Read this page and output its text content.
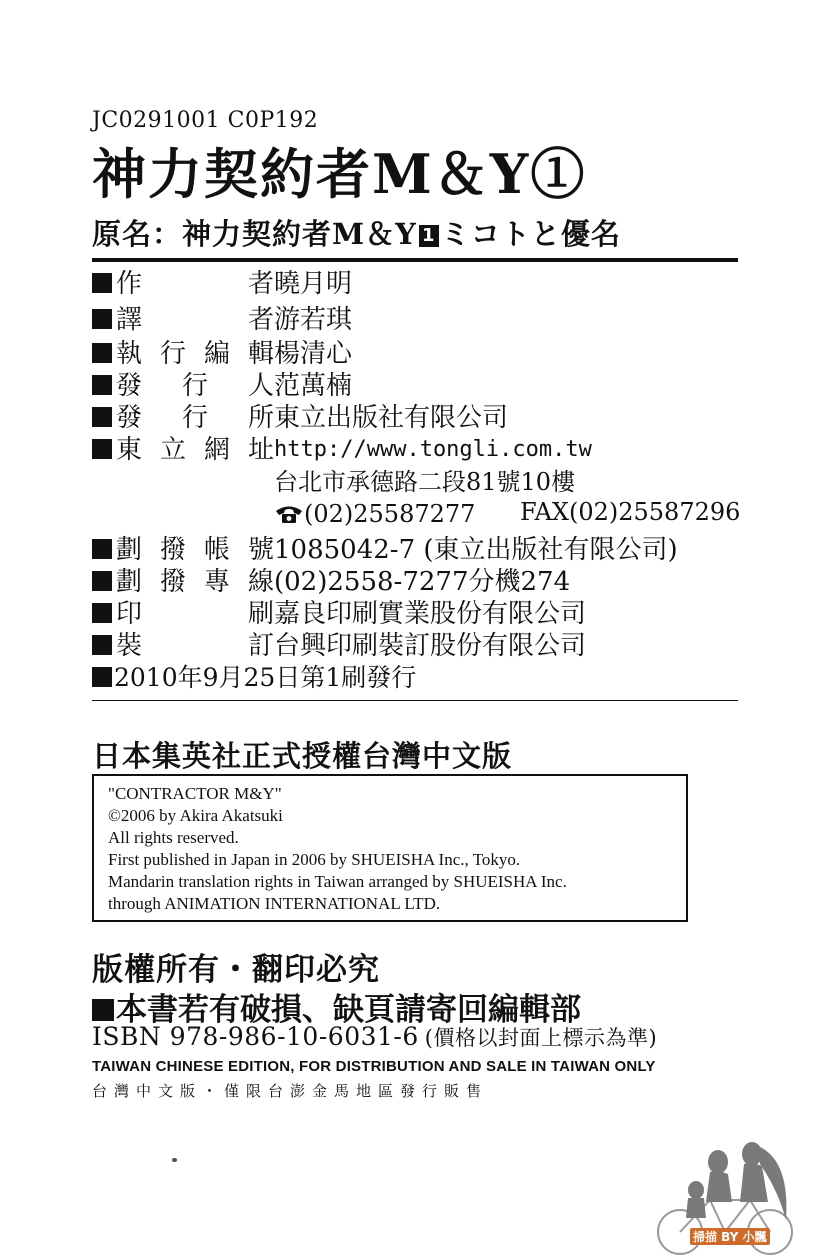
JC0291001 C0P192
神力契約者M＆Y①
原名：神力契約者M＆Y 1 ミコトと優名
作　　者 曉月明
譯　　者 游若琪
執行編輯 楊清心
發 行 人 范萬楠
發 行 所 東立出版社有限公司
東立網址 http://www.tongli.com.tw
台北市承德路二段81號10樓
(02)25587277 FAX(02)25587296
劃撥帳號 1085042-7 (東立出版社有限公司)
劃撥專線 (02)2558-7277分機274
印　　刷 嘉良印刷實業股份有限公司
裝　　訂 台興印刷裝訂股份有限公司
2010年9月25日第1刷發行
日本集英社正式授權台灣中文版
"CONTRACTOR M&Y"
©2006 by Akira Akatsuki
All rights reserved.
First published in Japan in 2006 by SHUEISHA Inc., Tokyo.
Mandarin translation rights in Taiwan arranged by SHUEISHA Inc.
through ANIMATION INTERNATIONAL LTD.
版權所有・翻印必究
本書若有破損、缺頁請寄回編輯部
ISBN 978-986-10-6031-6 (價格以封面上標示為準)
TAIWAN CHINESE EDITION, FOR DISTRIBUTION AND SALE IN TAIWAN ONLY
台灣中文版・僅限台澎金馬地區發行販售
掃描 BY 小飄
